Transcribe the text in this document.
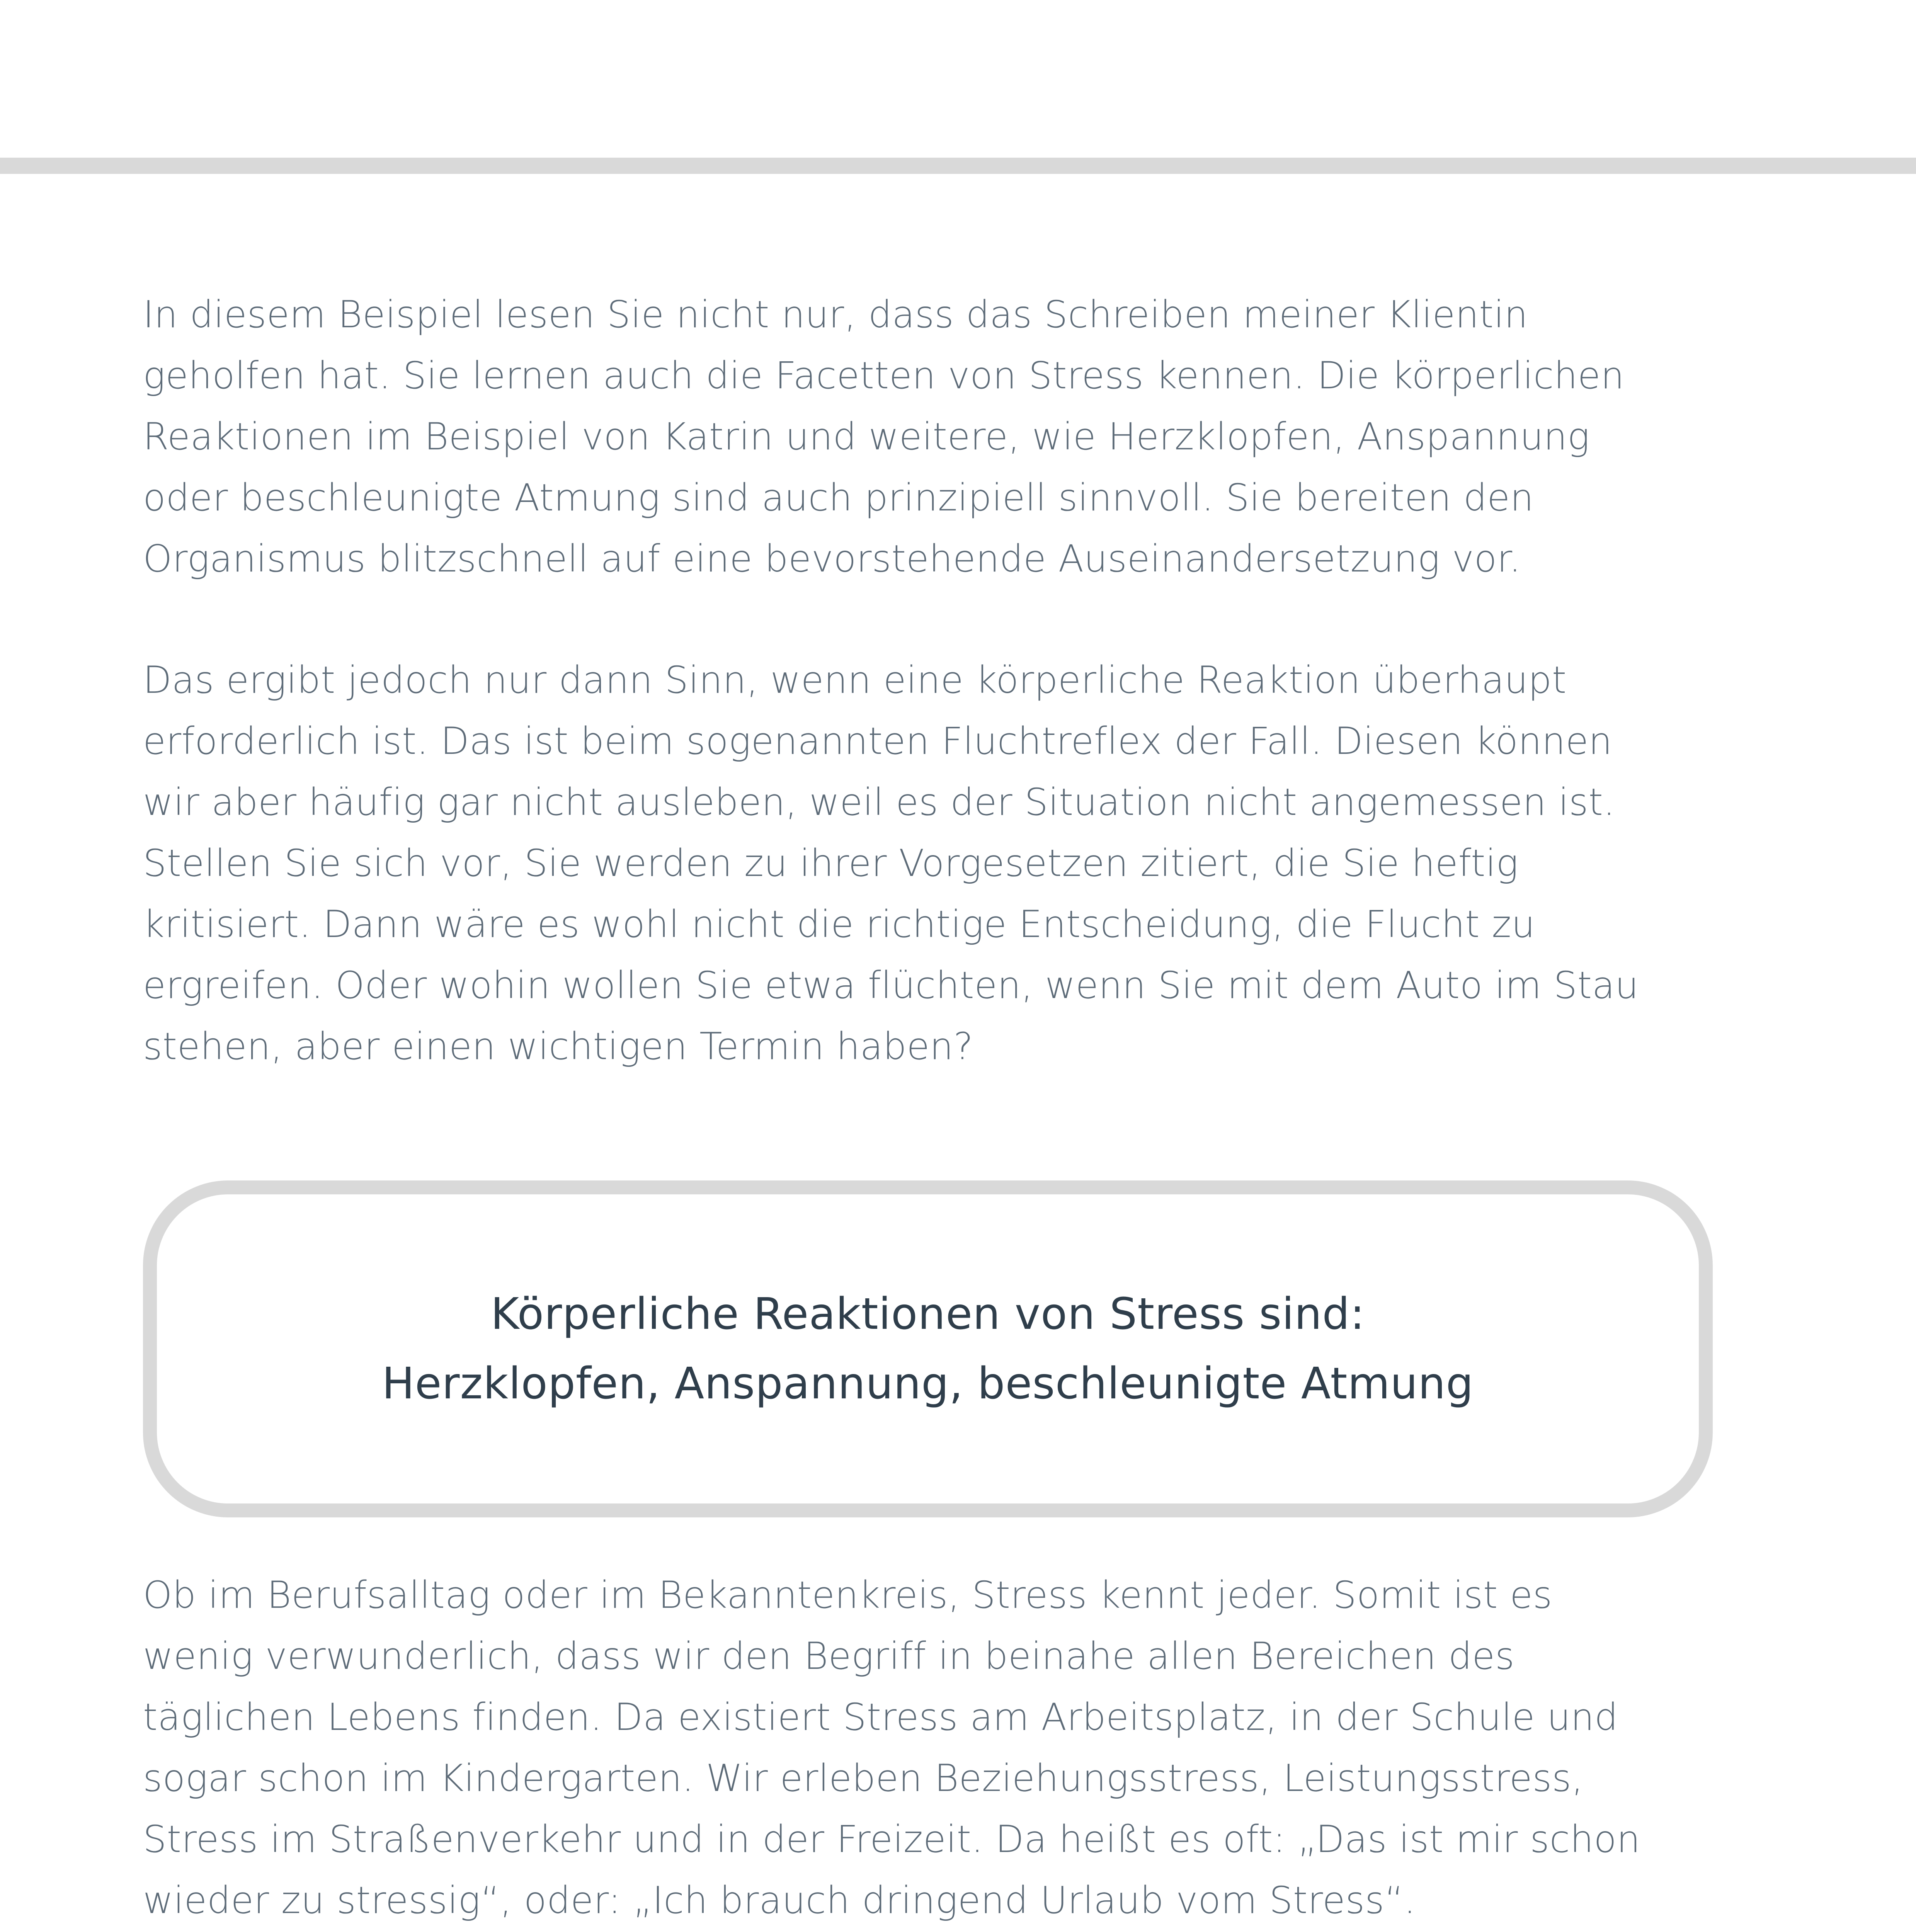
In diesem Beispiel lesen Sie nicht nur, dass das Schreiben meiner Klientin
geholfen hat. Sie lernen auch die Facetten von Stress kennen. Die körperlichen
Reaktionen im Beispiel von Katrin und weitere, wie Herzklopfen, Anspannung
oder beschleunigte Atmung sind auch prinzipiell sinnvoll. Sie bereiten den
Organismus blitzschnell auf eine bevorstehende Auseinandersetzung vor.

Das ergibt jedoch nur dann Sinn, wenn eine körperliche Reaktion überhaupt
erforderlich ist. Das ist beim sogenannten Fluchtreflex der Fall. Diesen können
wir aber häufig gar nicht ausleben, weil es der Situation nicht angemessen ist.
Stellen Sie sich vor, Sie werden zu ihrer Vorgesetzen zitiert, die Sie heftig
kritisiert. Dann wäre es wohl nicht die richtige Entscheidung, die Flucht zu
ergreifen. Oder wohin wollen Sie etwa flüchten, wenn Sie mit dem Auto im Stau
stehen, aber einen wichtigen Termin haben?

Körperliche Reaktionen von Stress sind:
Herzklopfen, Anspannung, beschleunigte Atmung

Ob im Berufsalltag oder im Bekanntenkreis, Stress kennt jeder. Somit ist es
wenig verwunderlich, dass wir den Begriff in beinahe allen Bereichen des
täglichen Lebens finden. Da existiert Stress am Arbeitsplatz, in der Schule und
sogar schon im Kindergarten. Wir erleben Beziehungsstress, Leistungsstress,
Stress im Straßenverkehr und in der Freizeit. Da heißt es oft: „Das ist mir schon
wieder zu stressig“, oder: „Ich brauch dringend Urlaub vom Stress“.
